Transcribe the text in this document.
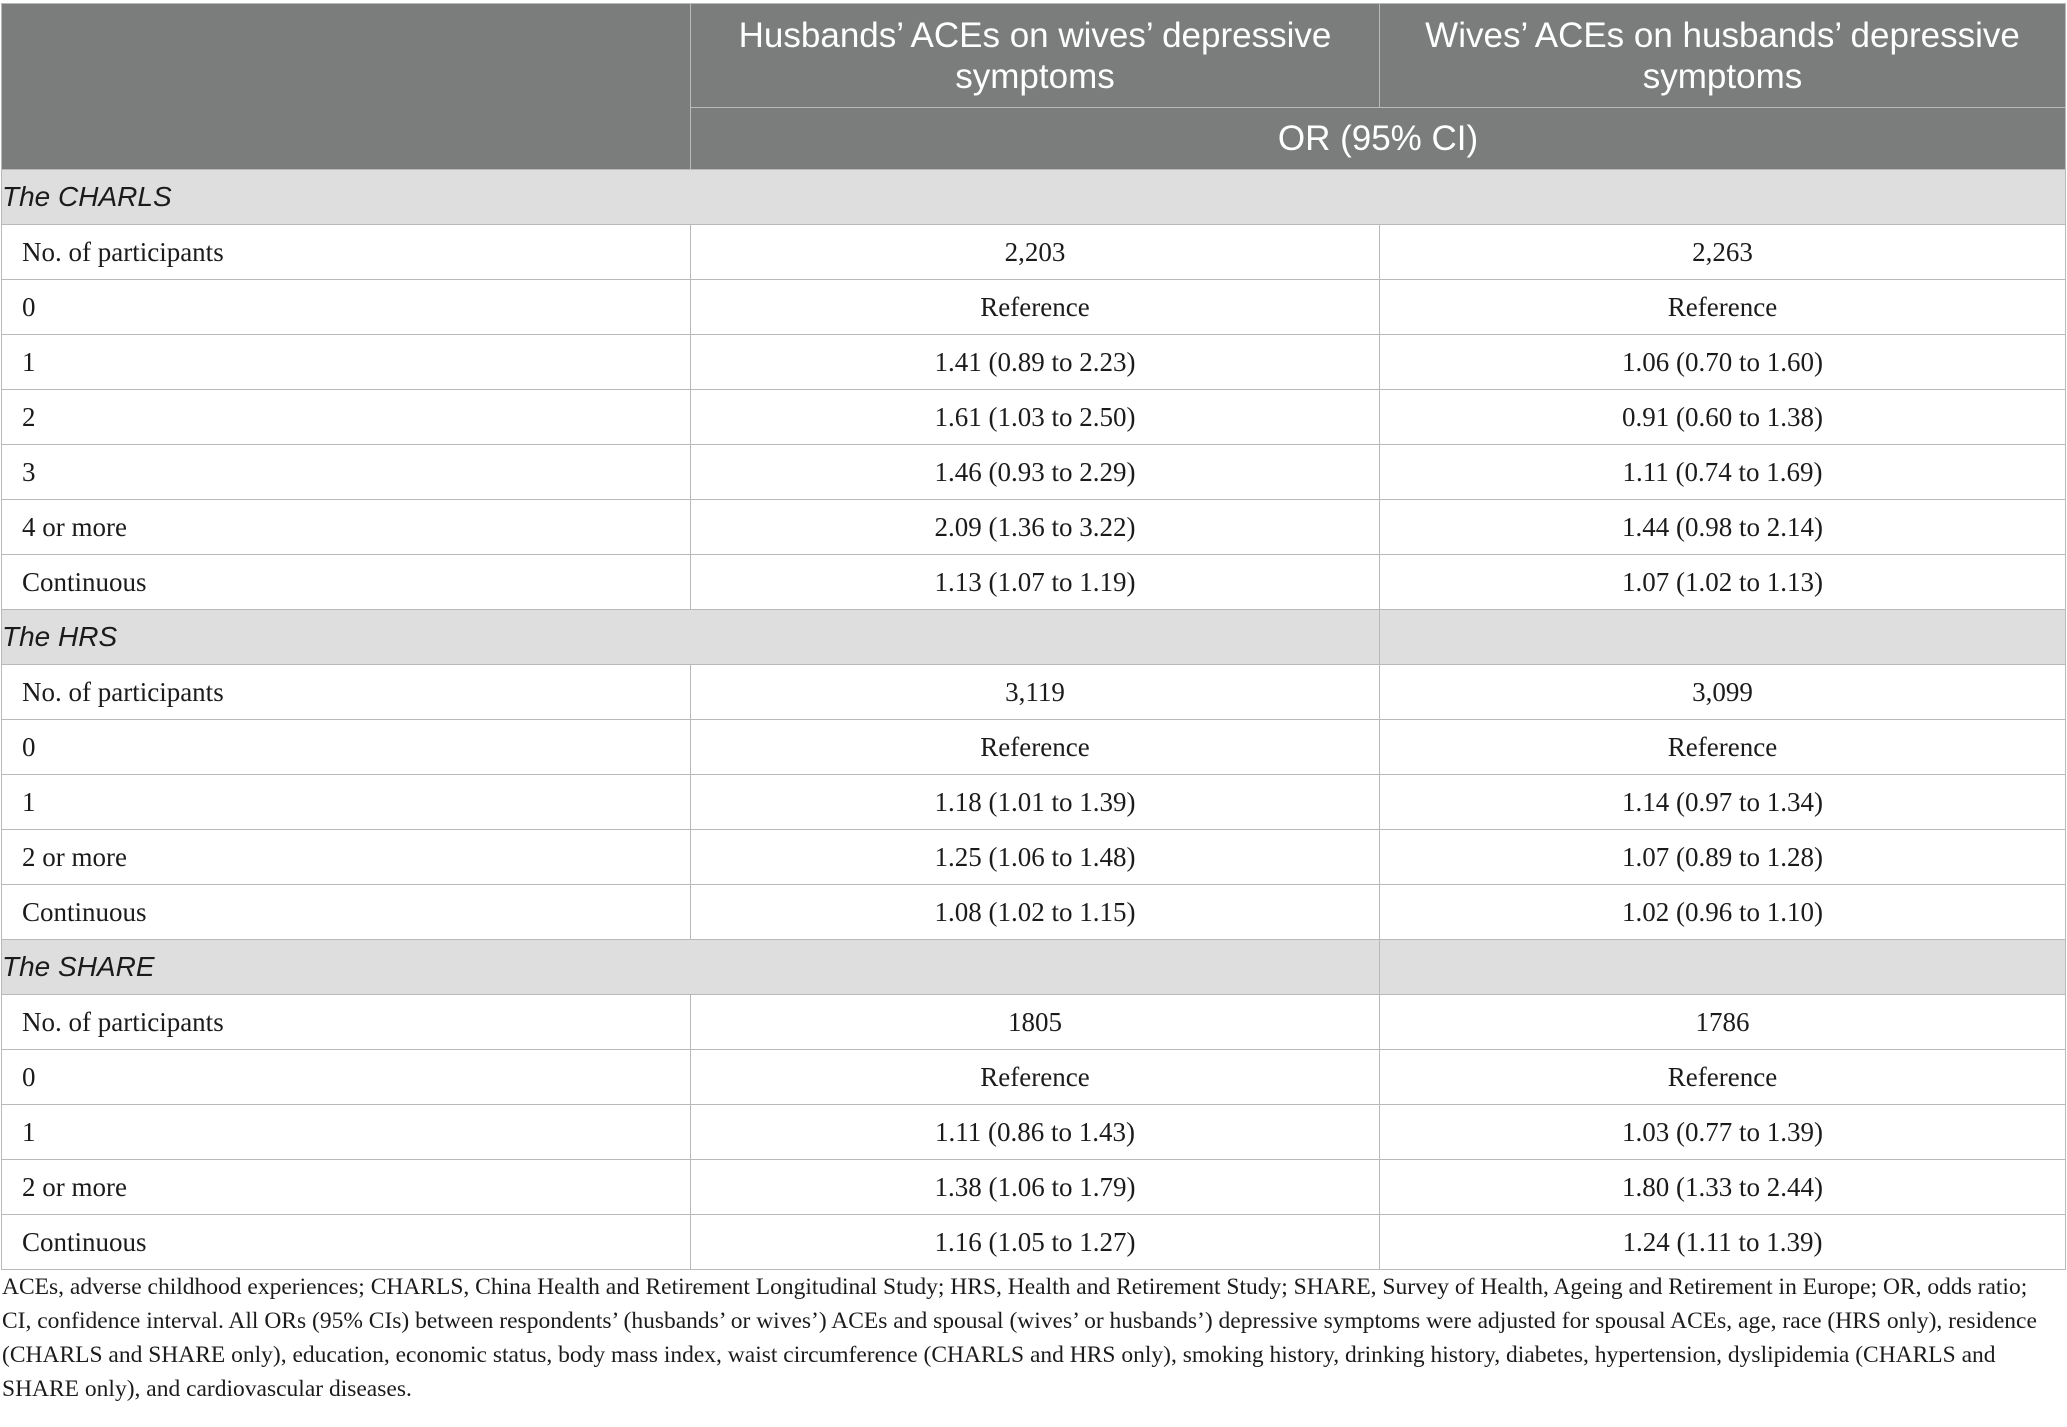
	Husbands’ ACEs on wives’ depressive symptoms	Wives’ ACEs on husbands’ depressive symptoms
	OR (95% CI)	
The CHARLS		
No. of participants	2,203	2,263
0	Reference	Reference
1	1.41 (0.89 to 2.23)	1.06 (0.70 to 1.60)
2	1.61 (1.03 to 2.50)	0.91 (0.60 to 1.38)
3	1.46 (0.93 to 2.29)	1.11 (0.74 to 1.69)
4 or more	2.09 (1.36 to 3.22)	1.44 (0.98 to 2.14)
Continuous	1.13 (1.07 to 1.19)	1.07 (1.02 to 1.13)
The HRS		
No. of participants	3,119	3,099
0	Reference	Reference
1	1.18 (1.01 to 1.39)	1.14 (0.97 to 1.34)
2 or more	1.25 (1.06 to 1.48)	1.07 (0.89 to 1.28)
Continuous	1.08 (1.02 to 1.15)	1.02 (0.96 to 1.10)
The SHARE		
No. of participants	1805	1786
0	Reference	Reference
1	1.11 (0.86 to 1.43)	1.03 (0.77 to 1.39)
2 or more	1.38 (1.06 to 1.79)	1.80 (1.33 to 2.44)
Continuous	1.16 (1.05 to 1.27)	1.24 (1.11 to 1.39)
ACEs, adverse childhood experiences; CHARLS, China Health and Retirement Longitudinal Study; HRS, Health and Retirement Study; SHARE, Survey of Health, Ageing and Retirement in Europe; OR, odds ratio; CI, confidence interval. All ORs (95% CIs) between respondents’ (husbands’ or wives’) ACEs and spousal (wives’ or husbands’) depressive symptoms were adjusted for spousal ACEs, age, race (HRS only), residence (CHARLS and SHARE only), education, economic status, body mass index, waist circumference (CHARLS and HRS only), smoking history, drinking history, diabetes, hypertension, dyslipidemia (CHARLS and SHARE only), and cardiovascular diseases.
